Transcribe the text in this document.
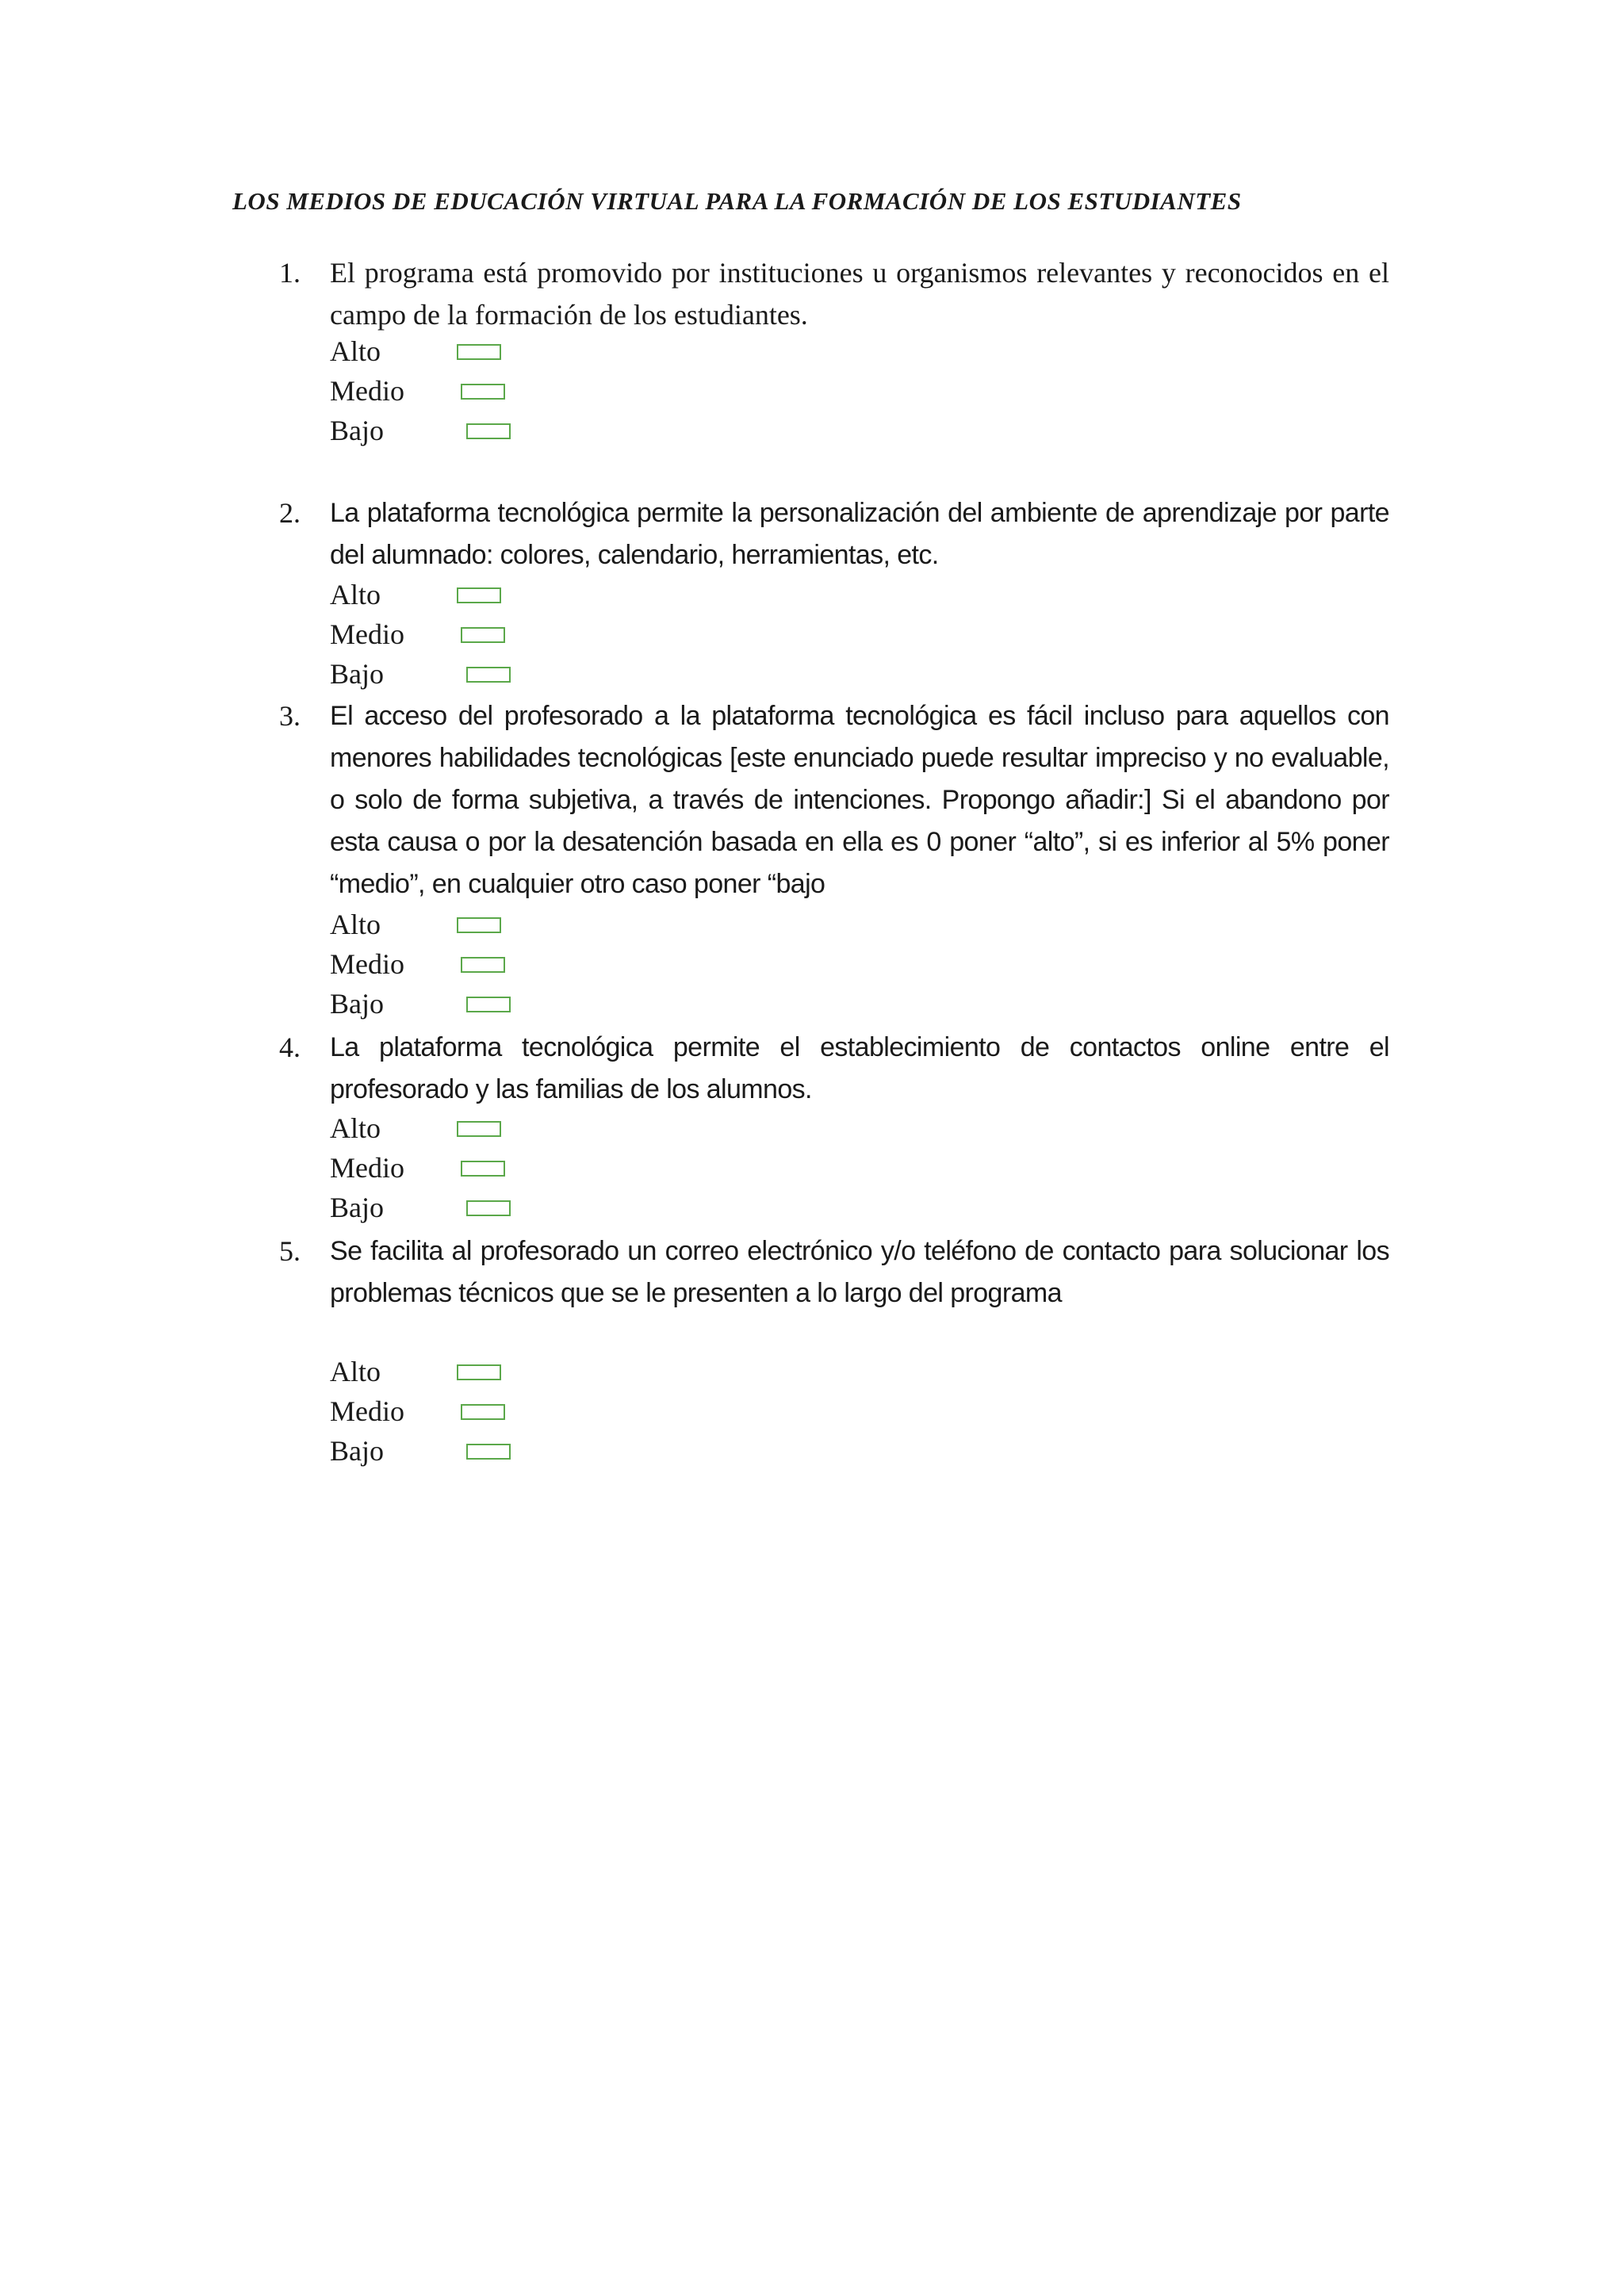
LOS MEDIOS DE EDUCACIÓN VIRTUAL PARA LA FORMACIÓN DE LOS ESTUDIANTES
1. El programa está promovido por instituciones u organismos relevantes y reconocidos en el campo de la formación de los estudiantes.
Alto
Medio
Bajo
2. La plataforma tecnológica permite la personalización del ambiente de aprendizaje por parte del alumnado: colores, calendario, herramientas, etc.
Alto
Medio
Bajo
3. El acceso del profesorado a la plataforma tecnológica es fácil incluso para aquellos con menores habilidades tecnológicas [este enunciado puede resultar impreciso y no evaluable, o solo de forma subjetiva, a través de intenciones. Propongo añadir:] Si el abandono por esta causa o por la desatención basada en ella es 0 poner “alto”, si es inferior al 5% poner “medio”, en cualquier otro caso poner “bajo
Alto
Medio
Bajo
4. La plataforma tecnológica permite el establecimiento de contactos online entre el profesorado y las familias de los alumnos.
Alto
Medio
Bajo
5. Se facilita al profesorado un correo electrónico y/o teléfono de contacto para solucionar los problemas técnicos que se le presenten a lo largo del programa
Alto
Medio
Bajo
